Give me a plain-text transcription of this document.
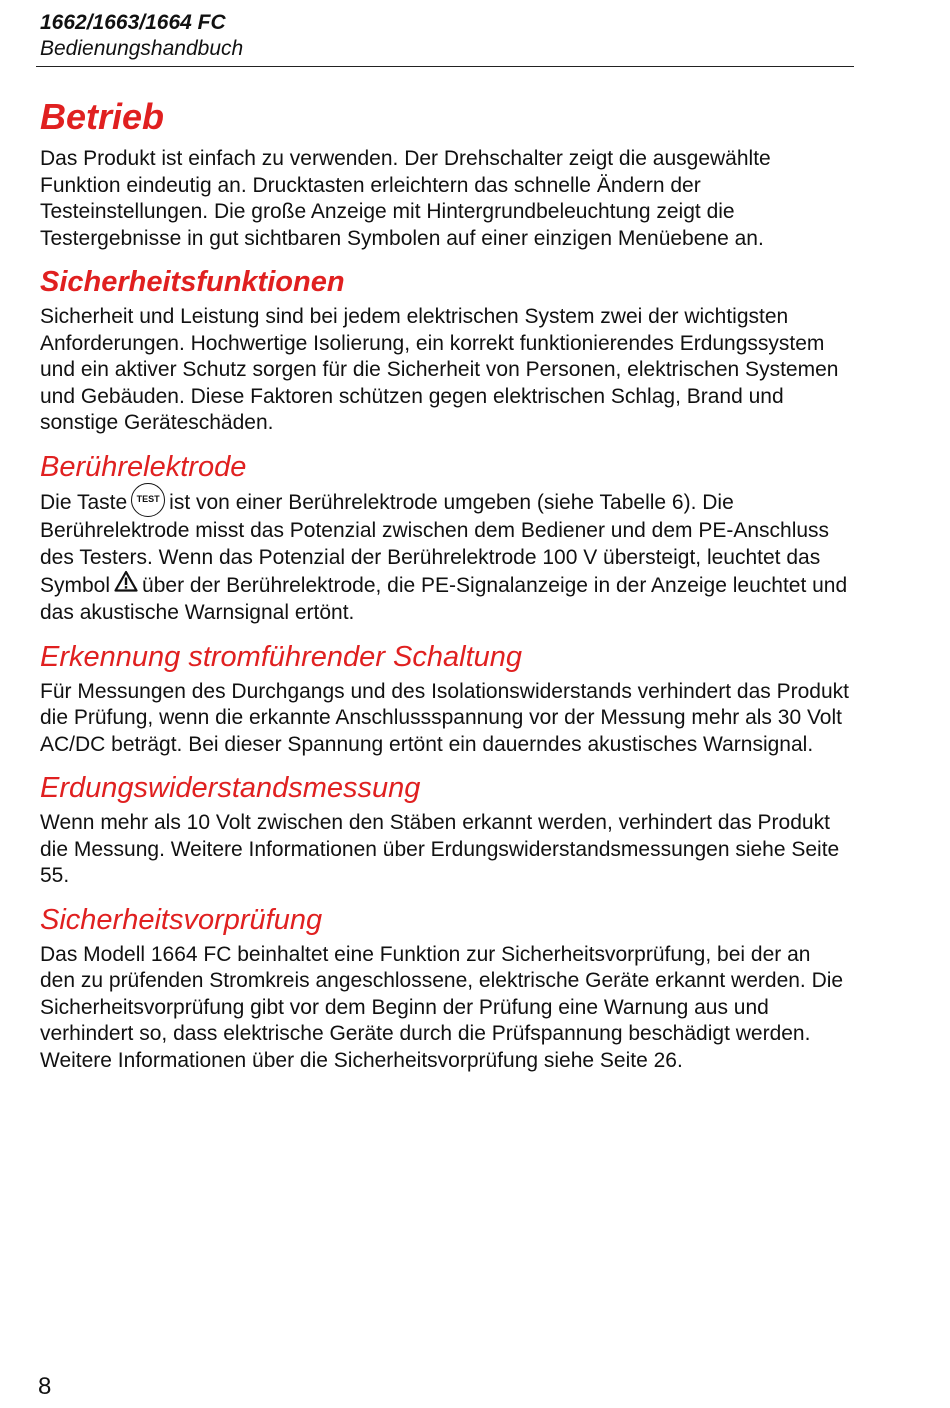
1662/1663/1664 FC
Bedienungshandbuch
Betrieb

Das Produkt ist einfach zu verwenden. Der Drehschalter zeigt die ausgewählte Funktion eindeutig an. Drucktasten erleichtern das schnelle Ändern der Testeinstellungen. Die große Anzeige mit Hintergrundbeleuchtung zeigt die Testergebnisse in gut sichtbaren Symbolen auf einer einzigen Menüebene an.

Sicherheitsfunktionen

Sicherheit und Leistung sind bei jedem elektrischen System zwei der wichtigsten Anforderungen. Hochwertige Isolierung, ein korrekt funktionierendes Erdungssystem und ein aktiver Schutz sorgen für die Sicherheit von Personen, elektrischen Systemen und Gebäuden. Diese Faktoren schützen gegen elektrischen Schlag, Brand und sonstige Geräteschäden.

Berührelektrode

Die Taste TEST ist von einer Berührelektrode umgeben (siehe Tabelle 6). Die Berührelektrode misst das Potenzial zwischen dem Bediener und dem PE-Anschluss des Testers. Wenn das Potenzial der Berührelektrode 100 V übersteigt, leuchtet das Symbol über der Berührelektrode, die PE-Signalanzeige in der Anzeige leuchtet und das akustische Warnsignal ertönt.

Erkennung stromführender Schaltung

Für Messungen des Durchgangs und des Isolationswiderstands verhindert das Produkt die Prüfung, wenn die erkannte Anschlussspannung vor der Messung mehr als 30 Volt AC/DC beträgt. Bei dieser Spannung ertönt ein dauerndes akustisches Warnsignal.

Erdungswiderstandsmessung

Wenn mehr als 10 Volt zwischen den Stäben erkannt werden, verhindert das Produkt die Messung. Weitere Informationen über Erdungswiderstandsmessungen siehe Seite 55.

Sicherheitsvorprüfung

Das Modell 1664 FC beinhaltet eine Funktion zur Sicherheitsvorprüfung, bei der an den zu prüfenden Stromkreis angeschlossene, elektrische Geräte erkannt werden. Die Sicherheitsvorprüfung gibt vor dem Beginn der Prüfung eine Warnung aus und verhindert so, dass elektrische Geräte durch die Prüfspannung beschädigt werden. Weitere Informationen über die Sicherheitsvorprüfung siehe Seite 26.

8
